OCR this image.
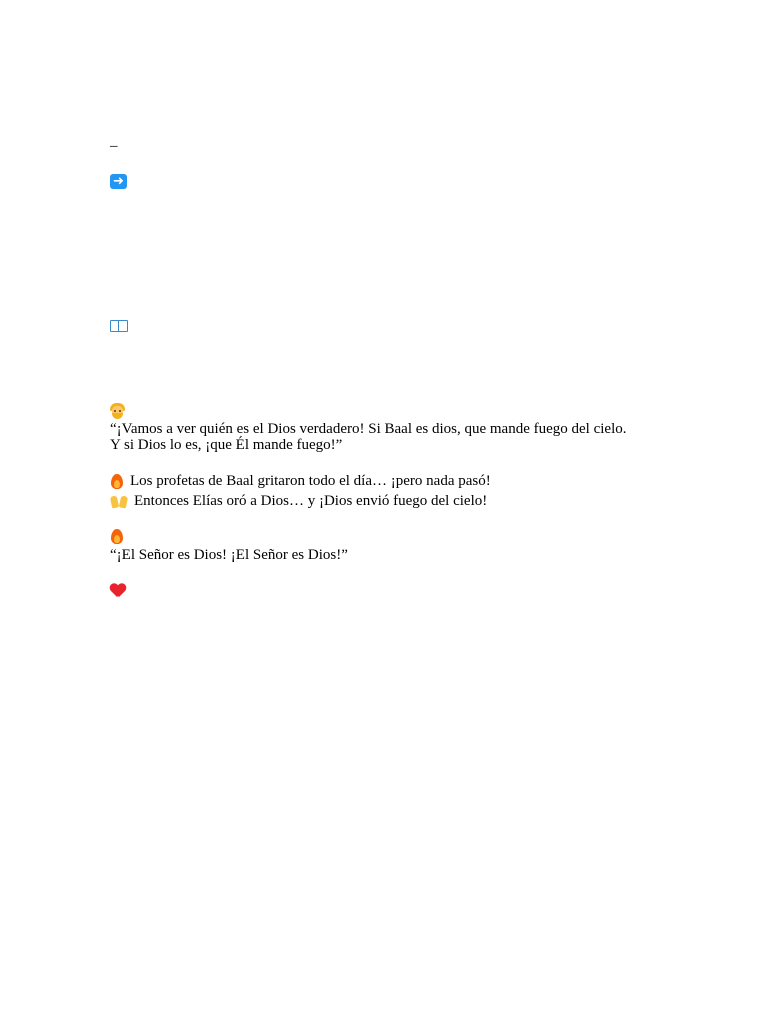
–
➜
“¡Vamos a ver quién es el Dios verdadero! Si Baal es dios, que mande fuego del cielo.
Y si Dios lo es, ¡que Él mande fuego!”
Los profetas de Baal gritaron todo el día… ¡pero nada pasó!
Entonces Elías oró a Dios… y ¡Dios envió fuego del cielo!
“¡El Señor es Dios! ¡El Señor es Dios!”
